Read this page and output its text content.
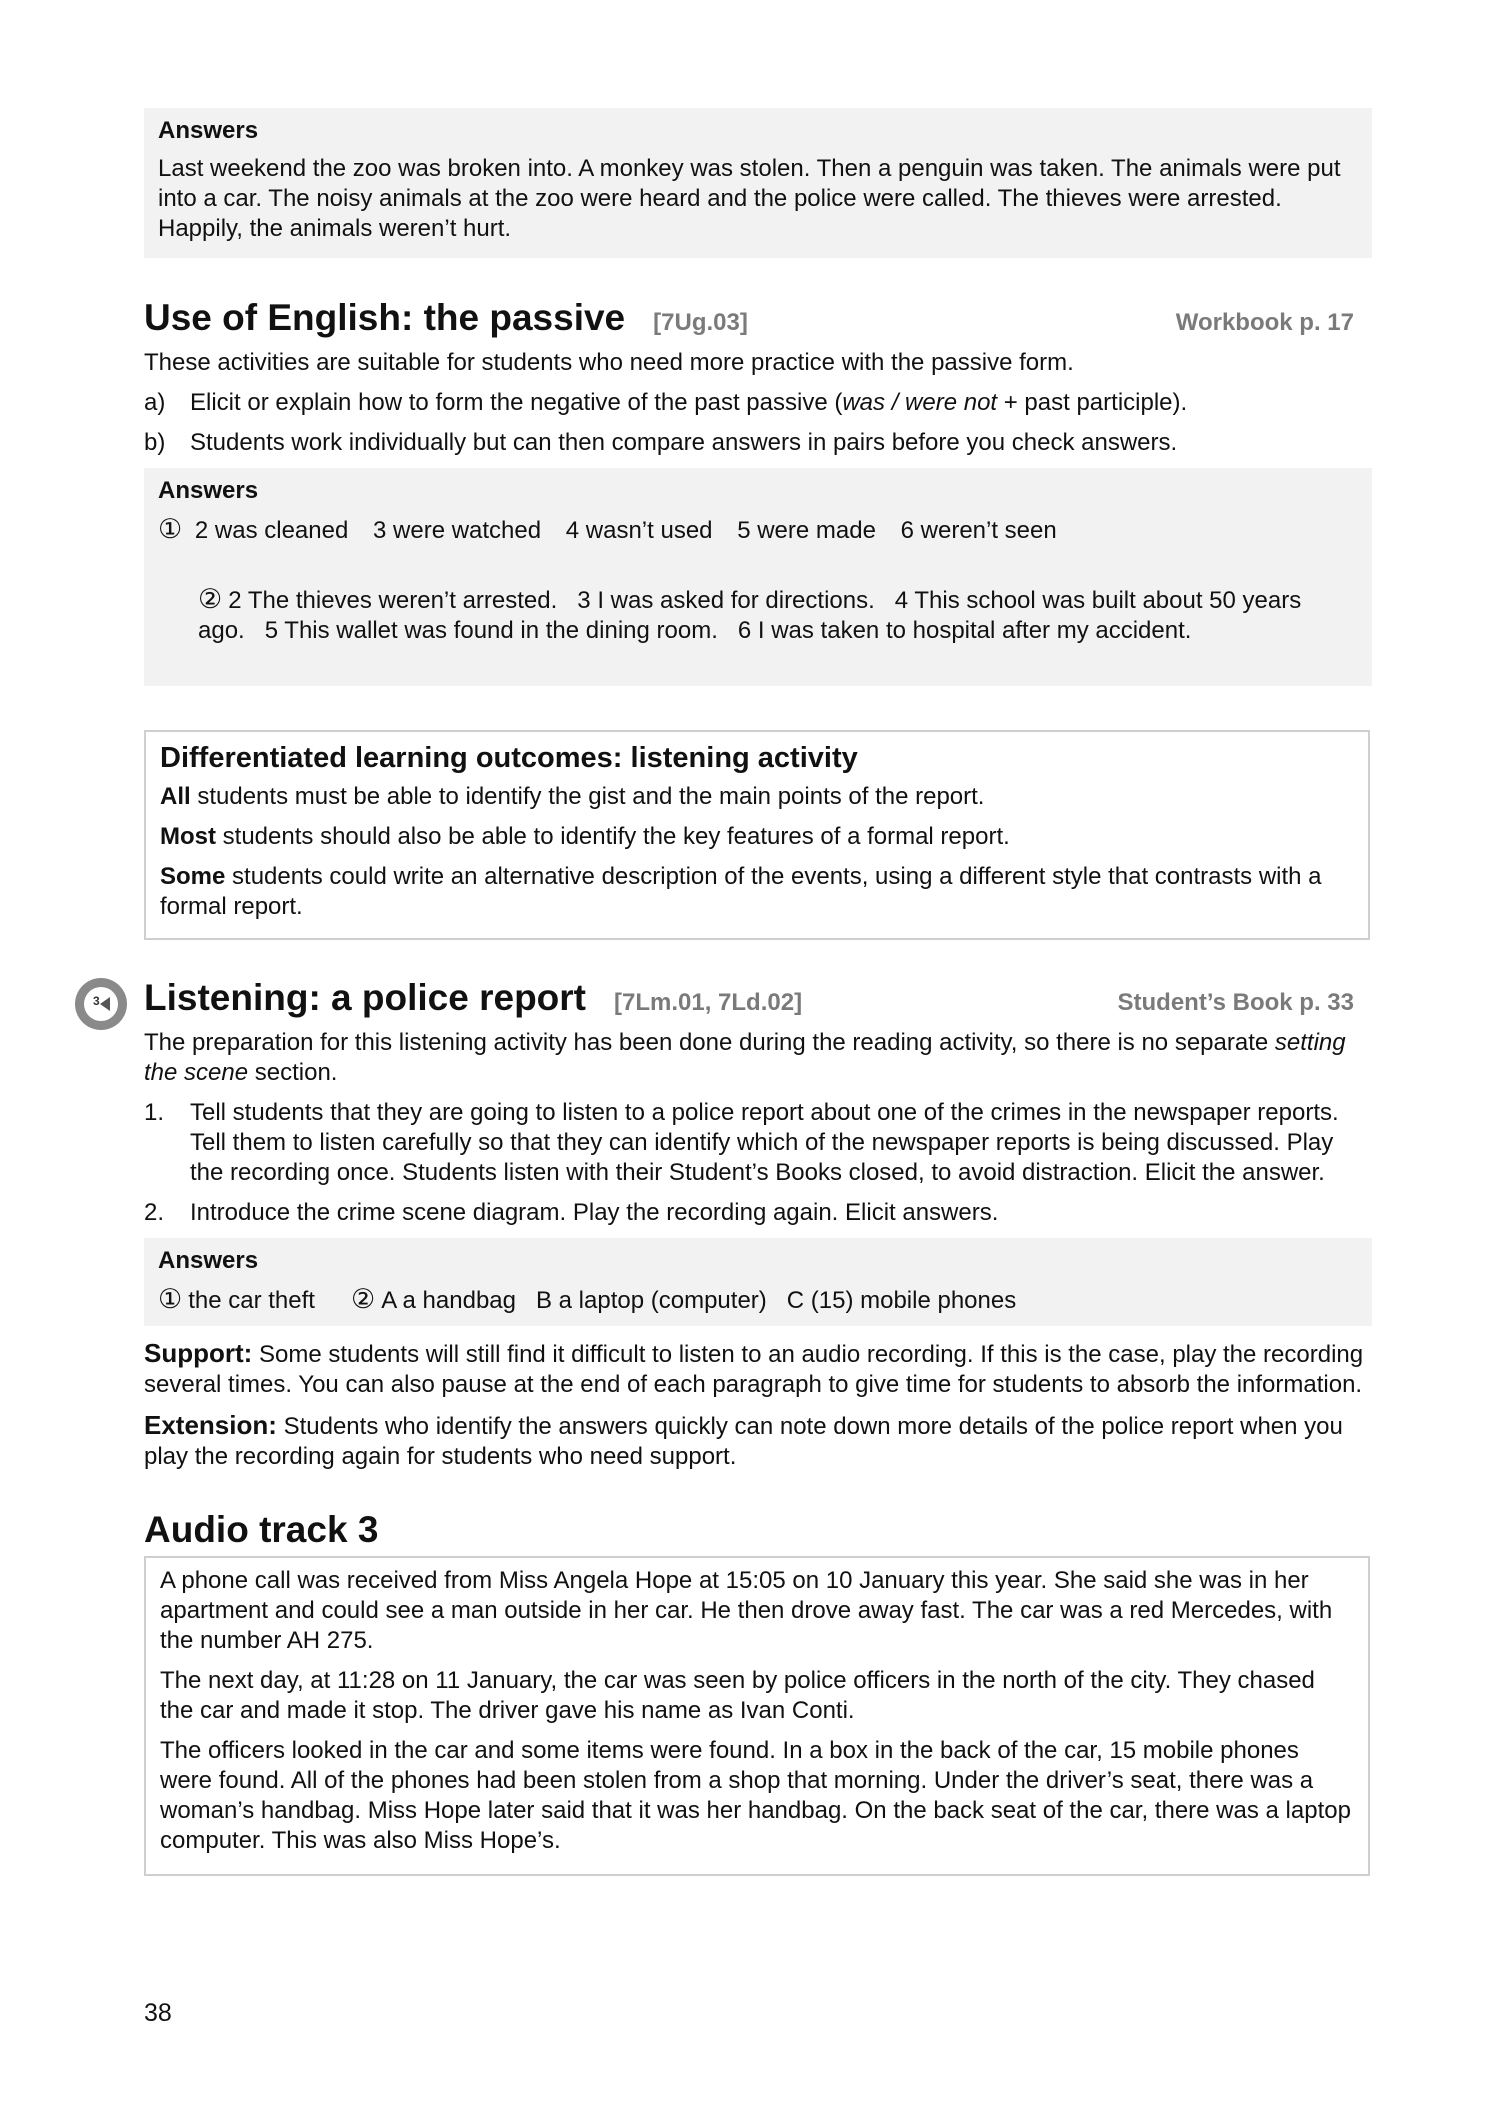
Answers

Last weekend the zoo was broken into. A monkey was stolen. Then a penguin was taken. The animals were put into a car. The noisy animals at the zoo were heard and the police were called. The thieves were arrested. Happily, the animals weren’t hurt.

Use of English: the passive [7Ug.03]	Workbook p. 17

These activities are suitable for students who need more practice with the passive form.

a)	Elicit or explain how to form the negative of the past passive (was / were not + past participle).
b)	Students work individually but can then compare answers in pairs before you check answers.
Answers

① 2 was cleaned 3 were watched 4 wasn’t used 5 were made 6 weren’t seen

② 2 The thieves weren’t arrested.   3 I was asked for directions.   4 This school was built about 50 years
ago.   5 This wallet was found in the dining room.   6 I was taken to hospital after my accident.

Differentiated learning outcomes: listening activity

All students must be able to identify the gist and the main points of the report.

Most students should also be able to identify the key features of a formal report.

Some students could write an alternative description of the events, using a different style that contrasts with a formal report.

3 Listening: a police report [7Lm.01, 7Ld.02]	Student’s Book p. 33

The preparation for this listening activity has been done during the reading activity, so there is no separate setting the scene section.

1.	Tell students that they are going to listen to a police report about one of the crimes in the newspaper reports. Tell them to listen carefully so that they can identify which of the newspaper reports is being discussed. Play the recording once. Students listen with their Student’s Books closed, to avoid distraction. Elicit the answer.
2.	Introduce the crime scene diagram. Play the recording again. Elicit answers.
Answers

① the car theft ② A a handbag   B a laptop (computer)   C (15) mobile phones

Support: Some students will still find it difficult to listen to an audio recording. If this is the case, play the recording several times. You can also pause at the end of each paragraph to give time for students to absorb the information.

Extension: Students who identify the answers quickly can note down more details of the police report when you play the recording again for students who need support.

Audio track 3

A phone call was received from Miss Angela Hope at 15:05 on 10 January this year. She said she was in her apartment and could see a man outside in her car. He then drove away fast. The car was a red Mercedes, with the number AH 275.

The next day, at 11:28 on 11 January, the car was seen by police officers in the north of the city. They chased the car and made it stop. The driver gave his name as Ivan Conti.

The officers looked in the car and some items were found. In a box in the back of the car, 15 mobile phones were found. All of the phones had been stolen from a shop that morning. Under the driver’s seat, there was a woman’s handbag. Miss Hope later said that it was her handbag. On the back seat of the car, there was a laptop computer. This was also Miss Hope’s.

38
